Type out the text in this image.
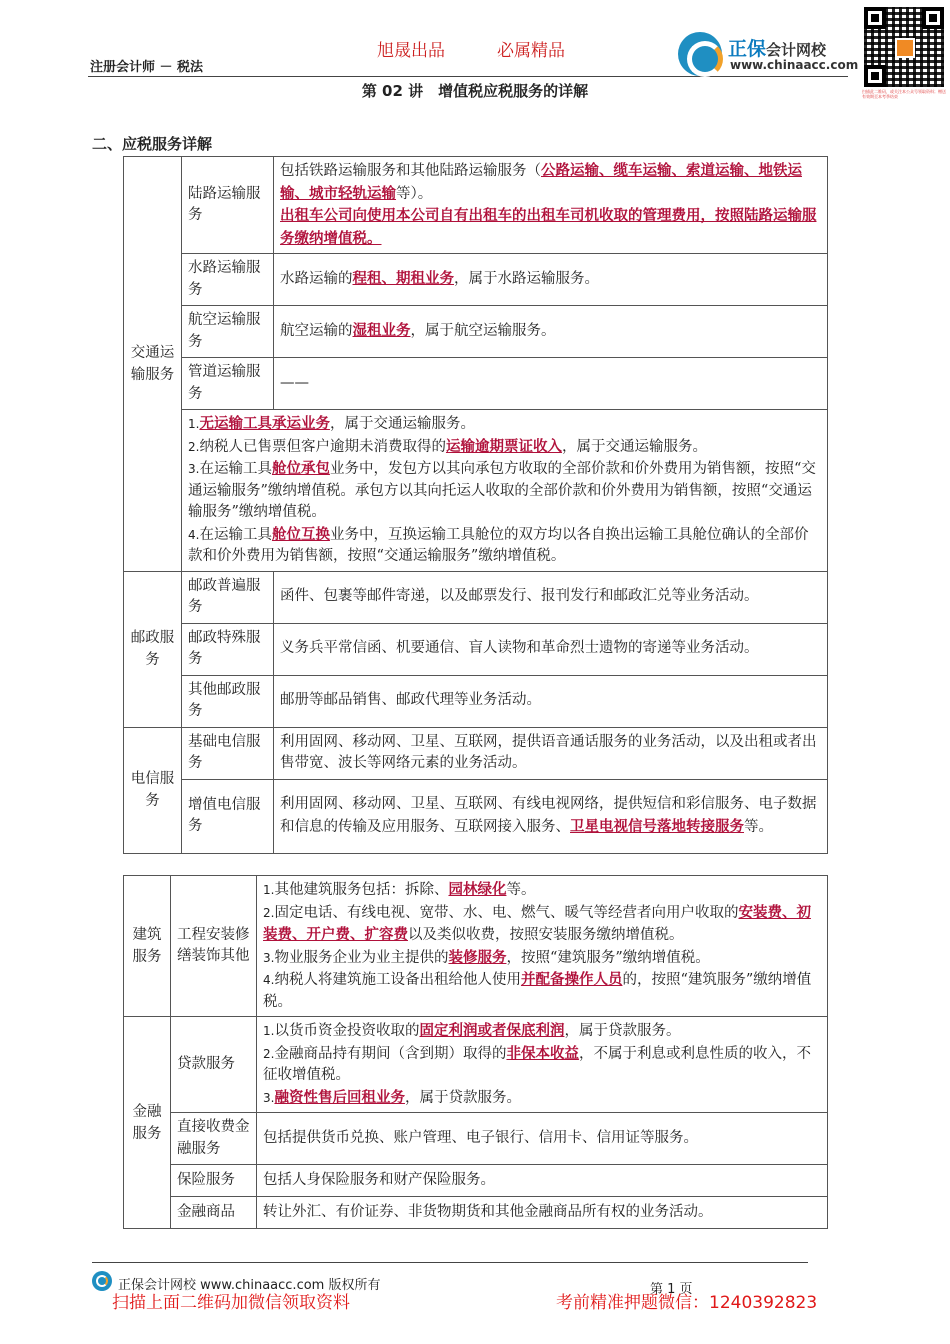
旭晟出品	必属精品
注册会计师 － 税法
正保会计网校
www.chinaacc.com
扫描此二维码，或关注本公众号领取资料；赠送有效期至本考季结束
第 02 讲　增值税应税服务的详解
二、应税服务详解
交通运输服务	陆路运输服务	包括铁路运输服务和其他陆路运输服务（公路运输、缆车运输、索道运输、地铁运输、城市轻轨运输等）。
出租车公司向使用本公司自有出租车的出租车司机收取的管理费用，按照陆路运输服务缴纳增值税。
	水路运输服务	水路运输的程租、期租业务，属于水路运输服务。
	航空运输服务	航空运输的湿租业务，属于航空运输服务。
	管道运输服务	——
	1.无运输工具承运业务，属于交通运输服务。
2.纳税人已售票但客户逾期未消费取得的运输逾期票证收入，属于交通运输服务。
3.在运输工具舱位承包业务中，发包方以其向承包方收取的全部价款和价外费用为销售额，按照“交通运输服务”缴纳增值税。承包方以其向托运人收取的全部价款和价外费用为销售额，按照“交通运输服务”缴纳增值税。
4.在运输工具舱位互换业务中，互换运输工具舱位的双方均以各自换出运输工具舱位确认的全部价款和价外费用为销售额，按照“交通运输服务”缴纳增值税。	
邮政服务	邮政普遍服务	函件、包裹等邮件寄递，以及邮票发行、报刊发行和邮政汇兑等业务活动。
	邮政特殊服务	义务兵平常信函、机要通信、盲人读物和革命烈士遗物的寄递等业务活动。
	其他邮政服务	邮册等邮品销售、邮政代理等业务活动。
电信服务	基础电信服务	利用固网、移动网、卫星、互联网，提供语音通话服务的业务活动，以及出租或者出售带宽、波长等网络元素的业务活动。
	增值电信服务	利用固网、移动网、卫星、互联网、有线电视网络，提供短信和彩信服务、电子数据和信息的传输及应用服务、互联网接入服务、卫星电视信号落地转接服务等。
建筑服务	工程安装修缮装饰其他	1.其他建筑服务包括：拆除、园林绿化等。
2.固定电话、有线电视、宽带、水、电、燃气、暖气等经营者向用户收取的安装费、初装费、开户费、扩容费以及类似收费，按照安装服务缴纳增值税。
3.物业服务企业为业主提供的装修服务，按照“建筑服务”缴纳增值税。
4.纳税人将建筑施工设备出租给他人使用并配备操作人员的，按照“建筑服务”缴纳增值税。
金融服务	贷款服务	1.以货币资金投资收取的固定利润或者保底利润，属于贷款服务。
2.金融商品持有期间（含到期）取得的非保本收益，不属于利息或利息性质的收入，不征收增值税。
3.融资性售后回租业务，属于贷款服务。
	直接收费金融服务	包括提供货币兑换、账户管理、电子银行、信用卡、信用证等服务。
	保险服务	包括人身保险服务和财产保险服务。
	金融商品	转让外汇、有价证券、非货物期货和其他金融商品所有权的业务活动。
正保会计网校 www.chinaacc.com 版权所有	第 1 页
扫描上面二维码加微信领取资料	考前精准押题微信：1240392823
